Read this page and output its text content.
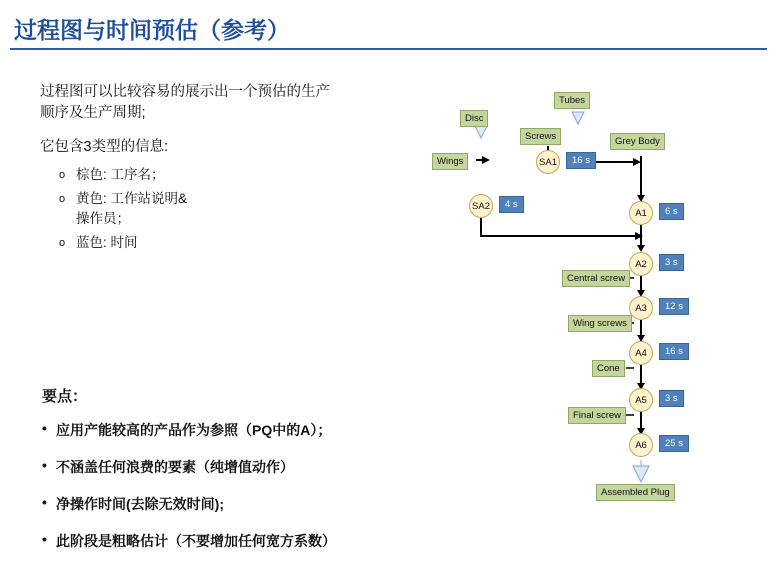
过程图与时间预估（参考）
过程图可以比较容易的展示出一个预估的生产顺序及生产周期;
它包含3类型的信息:
o 棕色: 工序名；
o 黄色: 工作站说明&
操作员；
o 蓝色: 时间
要点：
• 应用产能较高的产品作为参照（PQ中的A）；
• 不涵盖任何浪费的要素（纯增值动作）
• 净操作时间(去除无效时间);
• 此阶段是粗略估计（不要增加任何宽方系数）
Disc
Tubes
Screws	Grey Body
Wings
Central screw
Wing screws
Cone
Final screw
Assembled Plug
SA1	16 s
SA2	4 s
A1	6 s
A2	3 s
A3	12 s
A4	16 s
A5	3 s
A6	25 s
